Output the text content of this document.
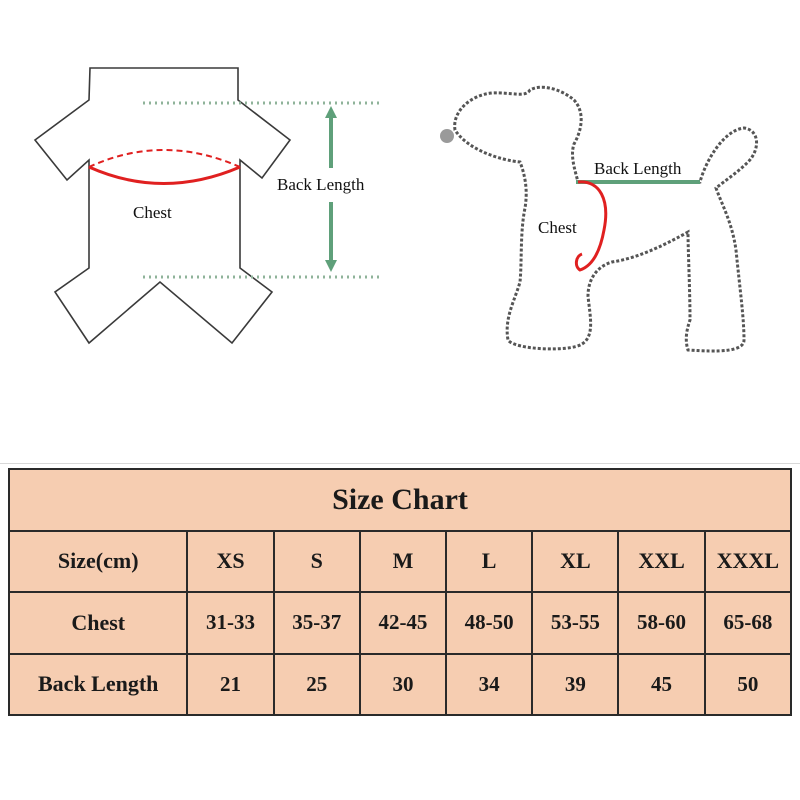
Chest
Back Length
Back Length
Chest
Size Chart							
Size(cm)	XS	S	M	L	XL	XXL	XXXL
Chest	31-33	35-37	42-45	48-50	53-55	58-60	65-68
Back Length	21	25	30	34	39	45	50
